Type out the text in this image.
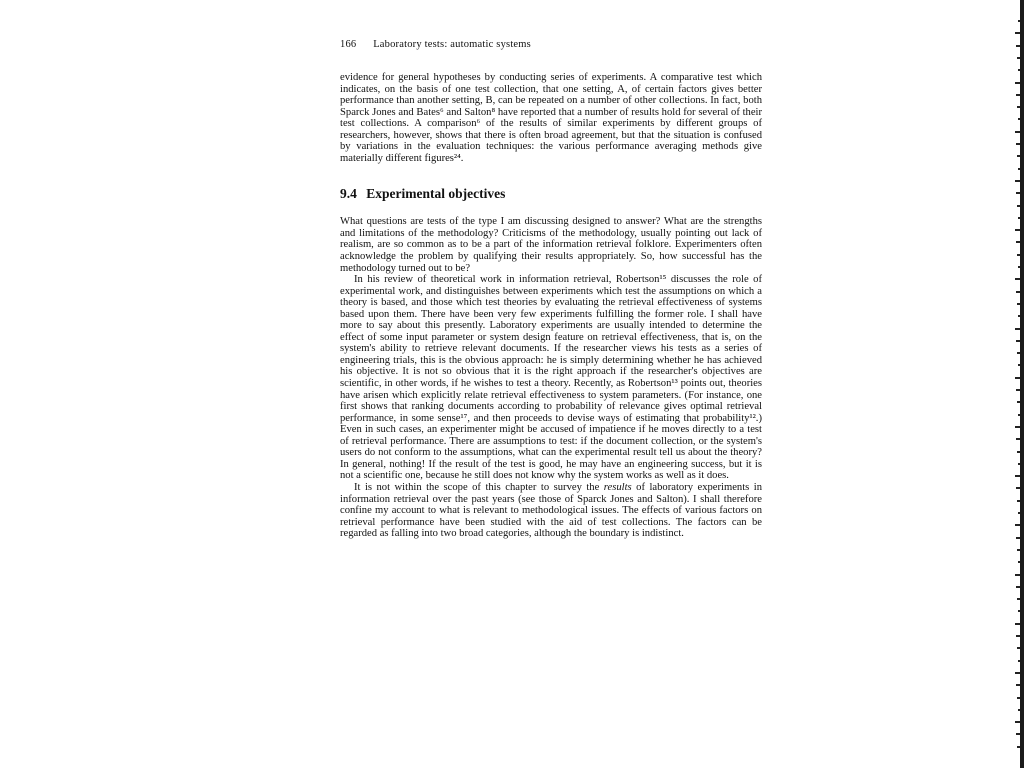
166 Laboratory tests: automatic systems

evidence for general hypotheses by conducting series of experiments. A comparative test which indicates, on the basis of one test collection, that one setting, A, of certain factors gives better performance than another setting, B, can be repeated on a number of other collections. In fact, both Sparck Jones and Bates⁶ and Salton⁸ have reported that a number of results hold for several of their test collections. A comparison⁶ of the results of similar experiments by different groups of researchers, however, shows that there is often broad agreement, but that the situation is confused by variations in the evaluation techniques: the various performance averaging methods give materially different figures²⁴.

9.4 Experimental objectives

What questions are tests of the type I am discussing designed to answer? What are the strengths and limitations of the methodology? Criticisms of the methodology, usually pointing out lack of realism, are so common as to be a part of the information retrieval folklore. Experimenters often acknowledge the problem by qualifying their results appropriately. So, how successful has the methodology turned out to be?

In his review of theoretical work in information retrieval, Robertson¹⁵ discusses the role of experimental work, and distinguishes between experiments which test the assumptions on which a theory is based, and those which test theories by evaluating the retrieval effectiveness of systems based upon them. There have been very few experiments fulfilling the former role. I shall have more to say about this presently. Laboratory experiments are usually intended to determine the effect of some input parameter or system design feature on retrieval effectiveness, that is, on the system's ability to retrieve relevant documents. If the researcher views his tests as a series of engineering trials, this is the obvious approach: he is simply determining whether he has achieved his objective. It is not so obvious that it is the right approach if the researcher's objectives are scientific, in other words, if he wishes to test a theory. Recently, as Robertson¹³ points out, theories have arisen which explicitly relate retrieval effectiveness to system parameters. (For instance, one first shows that ranking documents according to probability of relevance gives optimal retrieval performance, in some sense¹⁷, and then proceeds to devise ways of estimating that probability¹².) Even in such cases, an experimenter might be accused of impatience if he moves directly to a test of retrieval performance. There are assumptions to test: if the document collection, or the system's users do not conform to the assumptions, what can the experimental result tell us about the theory? In general, nothing! If the result of the test is good, he may have an engineering success, but it is not a scientific one, because he still does not know why the system works as well as it does.

It is not within the scope of this chapter to survey the results of laboratory experiments in information retrieval over the past years (see those of Sparck Jones and Salton). I shall therefore confine my account to what is relevant to methodological issues. The effects of various factors on retrieval performance have been studied with the aid of test collections. The factors can be regarded as falling into two broad categories, although the boundary is indistinct.
